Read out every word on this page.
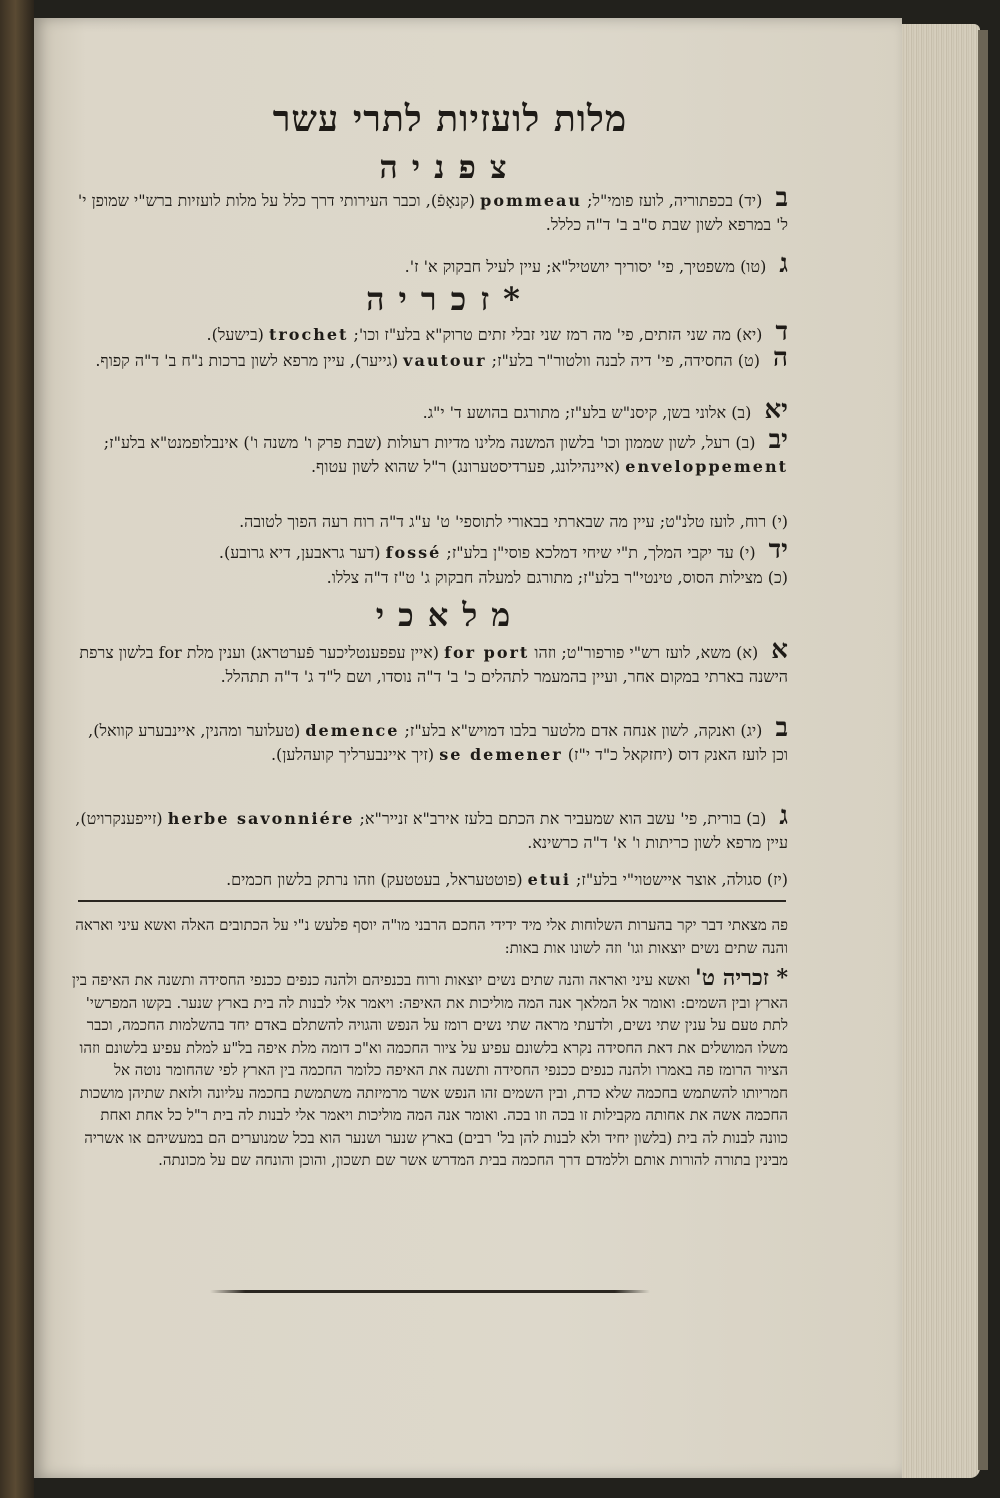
מלות לועזיות לתרי עשר
צפניה
ב (יד) בכפתוריה, לועז פומי"ל; pommeau (קנאָפֿ), וכבר העירותי דרך כלל על מלות לועזיות ברש"י שמופן י' ל' במרפא לשון שבת ס"ב ב' ד"ה כללל.
ג (טו) משפטיך, פי' יסוריך יושטיל"א; עיין לעיל חבקוק א' ז'.
*זכריה
ד (יא) מה שני הזתים, פי' מה רמז שני זבלי זתים טרוק"א בלע"ז וכו'; trochet (בישעל).
ה (ט) החסידה, פי' דיה לבנה וולטור"ר בלע"ז; vautour (גייער), עיין מרפא לשון ברכות נ"ח ב' ד"ה קפוף.
יא (ב) אלוני בשן, קיסנ"ש בלע"ז; מתורגם בהושע ד' י"ג.
יב (ב) רעל, לשון שממון וכו' בלשון המשנה מלינו מדיות רעולות (שבת פרק ו' משנה ו') אינבלופמנט"א בלע"ז; enveloppement (איינהילונג, פערדיסטערונג) ר"ל שהוא לשון עטוף.
(י) רוח, לועז טלנ"ט; עיין מה שבארתי בבאורי לתוספי' ט' ע"ג ד"ה רוח רעה הפוך לטובה.
יד (י) עד יקבי המלך, ת"י שיחי דמלכא פוסי"ן בלע"ז; fossé (דער גראבען, דיא גרובע).
(כ) מצילות הסוס, טינטי"ר בלע"ז; מתורגם למעלה חבקוק ג' ט"ז ד"ה צללו.
מלאכי
א (א) משא, לועז רש"י פורפור"ט; וזהו for port (איין עפפענטליכער פֿערטראג) וענין מלת for בלשון צרפת הישנה בארתי במקום אחר, ועיין בהמעמר לתהלים כ' ב' ד"ה נוסדו, ושם ל"ד ג' ד"ה תתהלל.
ב (יג) ואנקה, לשון אנחה אדם מלטער בלבו דמויש"א בלע"ז; demence (טעלוער ומהנין, איינבערע קוואל), וכן לועז האנק דוס (יחזקאל כ"ד י"ז) se demener (זיך איינבערליך קועהלען).
ג (ב) בורית, פי' עשב הוא שמעביר את הכתם בלעז אירב"א זנייר"א; herbe savonniére (זייפענקרויט), עיין מרפא לשון כריתות ו' א' ד"ה כרשינא.
(יז) סגולה, אוצר איישטוי"י בלע"ז; etui (פוטטעראל, בעטטעק) וזהו נרתק בלשון חכמים.
פה מצאתי דבר יקר בהערות השלוחות אלי מיד ידידי החכם הרבני מו"ה יוסף פלעש נ"י על הכתובים האלה ואשא עיני ואראה והנה שתים נשים יוצאות וגו' וזה לשונו אות באות:
* זכריה ט' ואשא עיני ואראה והנה שתים נשים יוצאות ורוח בכנפיהם ולהנה כנפים ככנפי החסידה ותשנה את האיפה בין הארץ ובין השמים: ואומר אל המלאך אנה המה מוליכות את האיפה: ויאמר אלי לבנות לה בית בארץ שנער. בקשו המפרשי' לתת טעם על ענין שתי נשים, ולדעתי מראה שתי נשים רומז על הנפש והגויה להשתלם באדם יחד בהשלמות החכמה, וכבר משלו המושלים את דאת החסידה נקרא בלשונם עפיע על ציור החכמה וא"כ דומה מלת איפה בל"ע למלת עפיע בלשונם וזהו הציור הרומז פה באמרו ולהנה כנפים ככנפי החסידה ותשנה את האיפה כלומר החכמה בין הארץ לפי שהחומר נוטה אל חמריותו להשתמש בחכמה שלא כדת, ובין השמים זהו הנפש אשר מרמיזתה משתמשת בחכמה עליונה ולזאת שתיהן מושכות החכמה אשה את אחותה מקבילות זו בכה וזו בכה. ואומר אנה המה מוליכות ויאמר אלי לבנות לה בית ר"ל כל אחת ואחת כוונה לבנות לה בית (בלשון יחיד ולא לבנות להן בל' רבים) בארץ שנער ושנער הוא בכל שמנוערים הם במעשיהם או אשריה מבינין בתורה להורות אותם וללמדם דרך החכמה בבית המדרש אשר שם תשכון, והוכן והונחה שם על מכונתה.
